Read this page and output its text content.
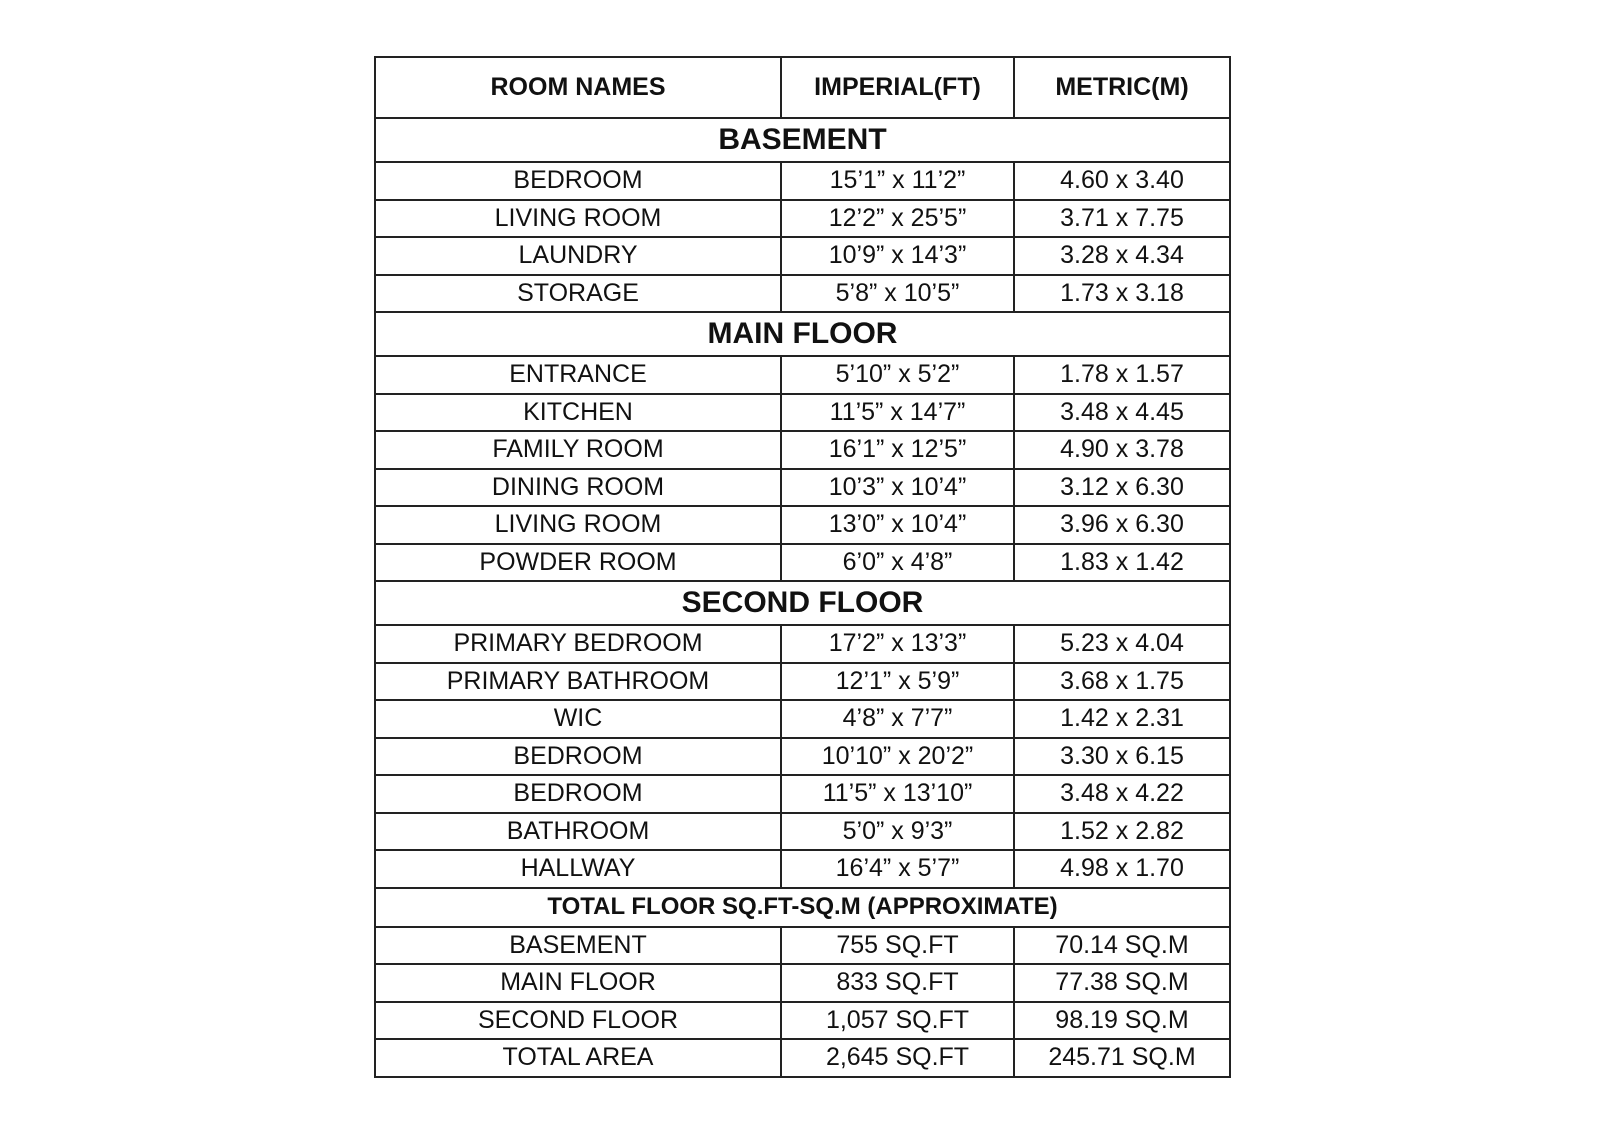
ROOM NAMES	IMPERIAL(FT)	METRIC(M)
BASEMENT		
BEDROOM	15’1” x 11’2”	4.60 x 3.40
LIVING ROOM	12’2” x 25’5”	3.71 x 7.75
LAUNDRY	10’9” x 14’3”	3.28 x 4.34
STORAGE	5’8” x 10’5”	1.73 x 3.18
MAIN FLOOR		
ENTRANCE	5’10” x 5’2”	1.78 x 1.57
KITCHEN	11’5” x 14’7”	3.48 x 4.45
FAMILY ROOM	16’1” x 12’5”	4.90 x 3.78
DINING ROOM	10’3” x 10’4”	3.12 x 6.30
LIVING ROOM	13’0” x 10’4”	3.96 x 6.30
POWDER ROOM	6’0” x 4’8”	1.83 x 1.42
SECOND FLOOR		
PRIMARY BEDROOM	17’2” x 13’3”	5.23 x 4.04
PRIMARY BATHROOM	12’1” x 5’9”	3.68 x 1.75
WIC	4’8” x 7’7”	1.42 x 2.31
BEDROOM	10’10” x 20’2”	3.30 x 6.15
BEDROOM	11’5” x 13’10”	3.48 x 4.22
BATHROOM	5’0” x 9’3”	1.52 x 2.82
HALLWAY	16’4” x 5’7”	4.98 x 1.70
TOTAL FLOOR SQ.FT-SQ.M (APPROXIMATE)		
BASEMENT	755 SQ.FT	70.14 SQ.M
MAIN FLOOR	833 SQ.FT	77.38 SQ.M
SECOND FLOOR	1,057 SQ.FT	98.19 SQ.M
TOTAL AREA	2,645 SQ.FT	245.71 SQ.M
